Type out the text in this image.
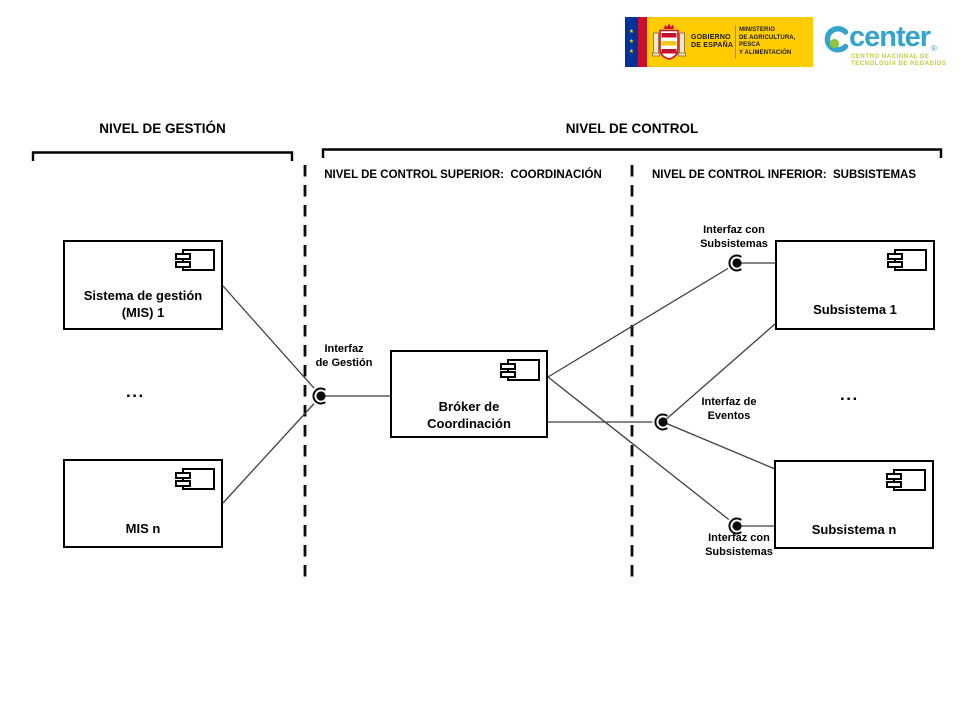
★
★
★
GOBIERNO
DE ESPAÑA
MINISTERIO
DE AGRICULTURA, PESCA
Y ALIMENTACIÓN	center ®
CENTRO NACIONAL DE
TECNOLOGÍA DE REGADÍOS
NIVEL DE GESTIÓN	NIVEL DE CONTROL
NIVEL DE CONTROL SUPERIOR:  COORDINACIÓN	NIVEL DE CONTROL INFERIOR:  SUBSISTEMAS
Sistema de gestión
(MIS) 1
MIS n
Bróker de
Coordinación
Subsistema 1
Subsistema n
Interfaz
de Gestión
Interfaz con
Subsistemas
Interfaz de
Eventos
Interfaz con
Subsistemas
...	...
